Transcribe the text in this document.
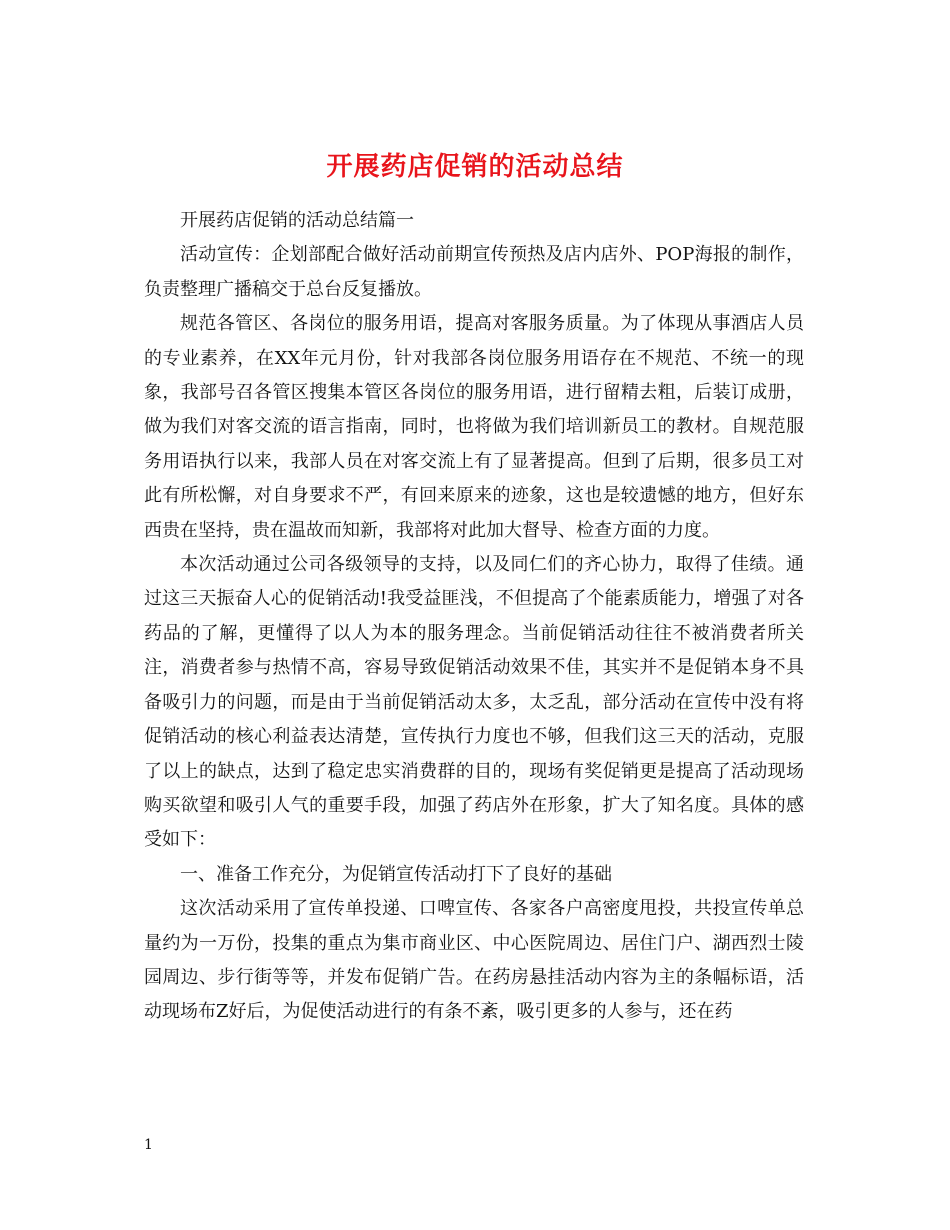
开展药店促销的活动总结

开展药店促销的活动总结篇一

活动宣传：企划部配合做好活动前期宣传预热及店内店外、POP海报的制作，负责整理广播稿交于总台反复播放。

规范各管区、各岗位的服务用语，提高对客服务质量。为了体现从事酒店人员的专业素养，在XX年元月份，针对我部各岗位服务用语存在不规范、不统一的现象，我部号召各管区搜集本管区各岗位的服务用语，进行留精去粗，后装订成册，做为我们对客交流的语言指南，同时，也将做为我们培训新员工的教材。自规范服务用语执行以来，我部人员在对客交流上有了显著提高。但到了后期，很多员工对此有所松懈，对自身要求不严，有回来原来的迹象，这也是较遗憾的地方，但好东西贵在坚持，贵在温故而知新，我部将对此加大督导、检查方面的力度。

本次活动通过公司各级领导的支持，以及同仁们的齐心协力，取得了佳绩。通过这三天振奋人心的促销活动!我受益匪浅，不但提高了个能素质能力，增强了对各药品的了解，更懂得了以人为本的服务理念。当前促销活动往往不被消费者所关注，消费者参与热情不高，容易导致促销活动效果不佳，其实并不是促销本身不具备吸引力的问题，而是由于当前促销活动太多，太乏乱，部分活动在宣传中没有将促销活动的核心利益表达清楚，宣传执行力度也不够，但我们这三天的活动，克服了以上的缺点，达到了稳定忠实消费群的目的，现场有奖促销更是提高了活动现场购买欲望和吸引人气的重要手段，加强了药店外在形象，扩大了知名度。具体的感受如下：

一、准备工作充分，为促销宣传活动打下了良好的基础

这次活动采用了宣传单投递、口啤宣传、各家各户高密度甩投，共投宣传单总量约为一万份，投集的重点为集市商业区、中心医院周边、居住门户、湖西烈士陵园周边、步行街等等，并发布促销广告。在药房悬挂活动内容为主的条幅标语，活动现场布Z好后，为促使活动进行的有条不紊，吸引更多的人参与，还在药

1
